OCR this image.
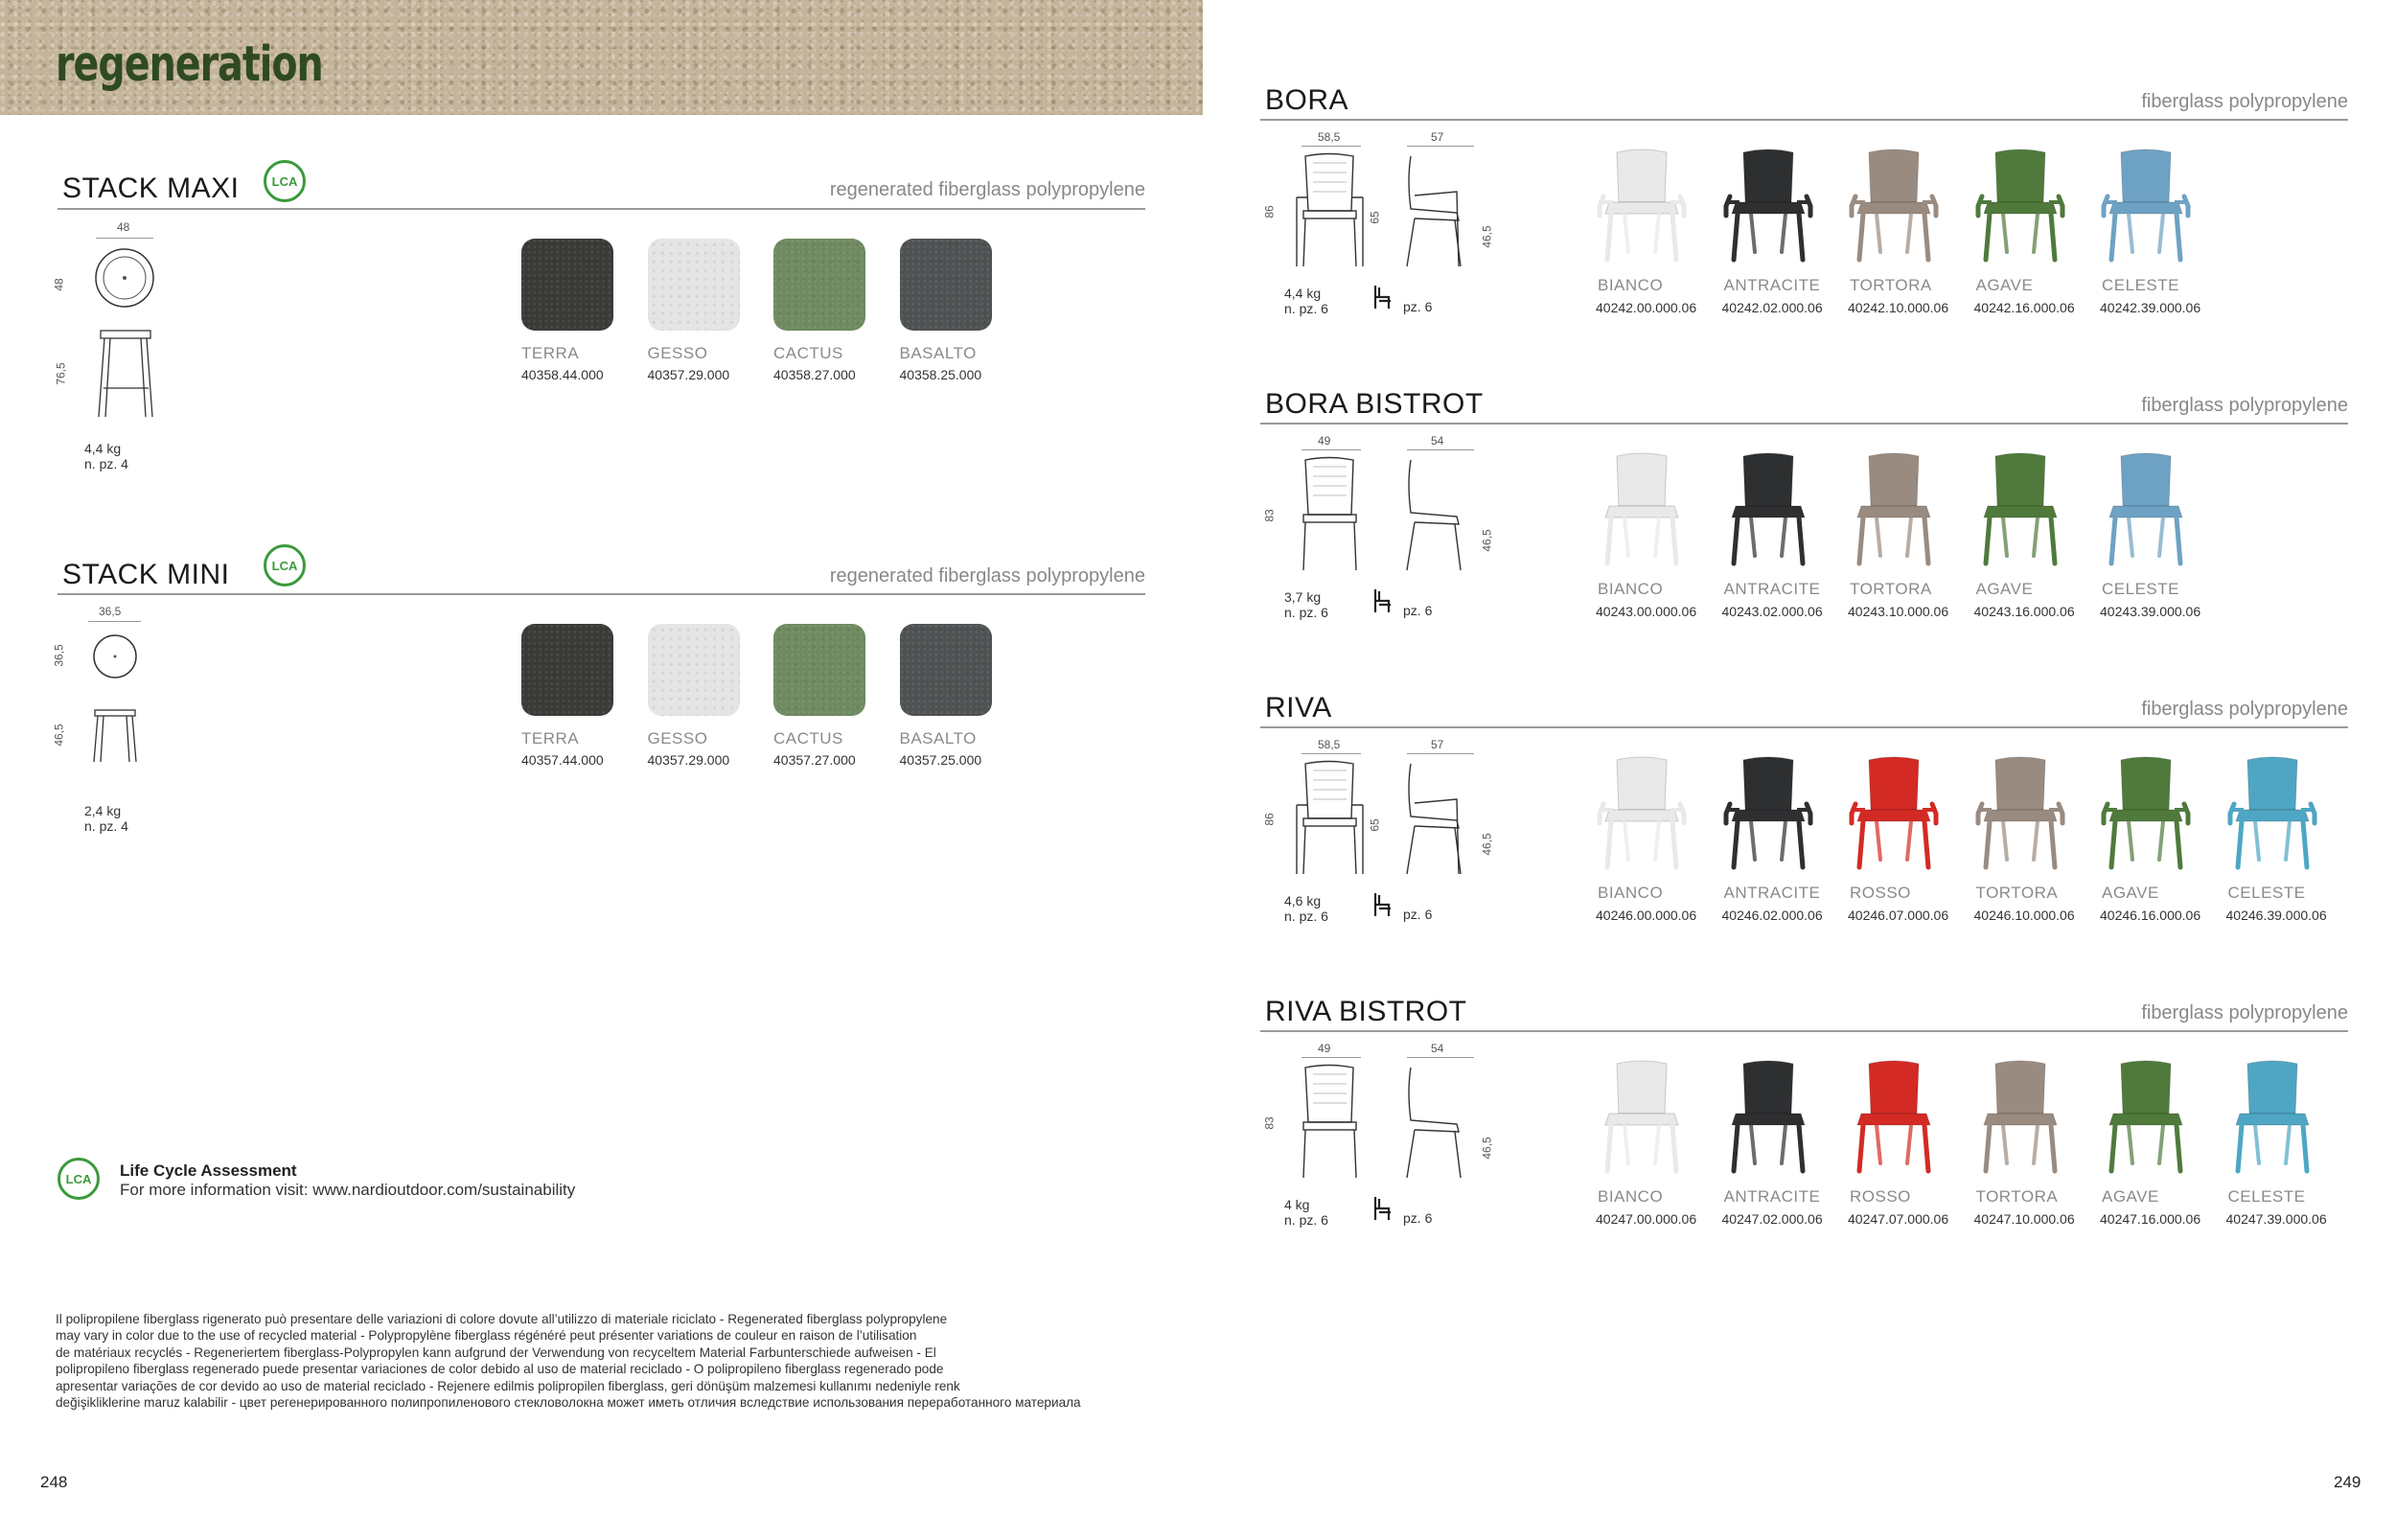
regeneration
STACK MAXI	LCA	regenerated fiberglass polypropylene
48
48
76,5
4,4 kg
n. pz. 4
TERRA
40358.44.000
GESSO
40357.29.000
CACTUS
40358.27.000
BASALTO
40358.25.000
STACK MINI	LCA	regenerated fiberglass polypropylene
36,5
36,5
46,5
2,4 kg
n. pz. 4
TERRA
40357.44.000
GESSO
40357.29.000
CACTUS
40357.27.000
BASALTO
40357.25.000
LCA	Life Cycle Assessment
For more information visit: www.nardioutdoor.com/sustainability
Il polipropilene fiberglass rigenerato può presentare delle variazioni di colore dovute all’utilizzo di materiale riciclato - Regenerated fiberglass polypropylene
may vary in color due to the use of recycled material - Polypropylène fiberglass régénéré peut présenter variations de couleur en raison de l’utilisation
de matériaux recyclés - Regeneriertem fiberglass-Polypropylen kann aufgrund der Verwendung von recyceltem Material Farbunterschiede aufweisen - El
polipropileno fiberglass regenerado puede presentar variaciones de color debido al uso de material reciclado - O polipropileno fiberglass regenerado pode
apresentar variações de cor devido ao uso de material reciclado - Rejenere edilmis polipropilen fiberglass, geri dönüşüm malzemesi kullanımı nedeniyle renk
değişikliklerine maruz kalabilir - цвет регенерированного полипропиленового стекловолокна может иметь отличия вследствие использования переработанного материала
248
BORA	fiberglass polypropylene
58,5	57
86	65
46,5
4,4 kg
n. pz. 6	pz. 6
BIANCO
40242.00.000.06
ANTRACITE
40242.02.000.06
TORTORA
40242.10.000.06
AGAVE
40242.16.000.06
CELESTE
40242.39.000.06
BORA BISTROT	fiberglass polypropylene
49	54
83
46,5
3,7 kg
n. pz. 6	pz. 6
BIANCO
40243.00.000.06
ANTRACITE
40243.02.000.06
TORTORA
40243.10.000.06
AGAVE
40243.16.000.06
CELESTE
40243.39.000.06
RIVA	fiberglass polypropylene
58,5	57
86	65
46,5
4,6 kg
n. pz. 6	pz. 6
BIANCO
40246.00.000.06
ANTRACITE
40246.02.000.06
ROSSO
40246.07.000.06
TORTORA
40246.10.000.06
AGAVE
40246.16.000.06
CELESTE
40246.39.000.06
RIVA BISTROT	fiberglass polypropylene
49	54
83
46,5
4 kg
n. pz. 6	pz. 6
BIANCO
40247.00.000.06
ANTRACITE
40247.02.000.06
ROSSO
40247.07.000.06
TORTORA
40247.10.000.06
AGAVE
40247.16.000.06
CELESTE
40247.39.000.06
249
